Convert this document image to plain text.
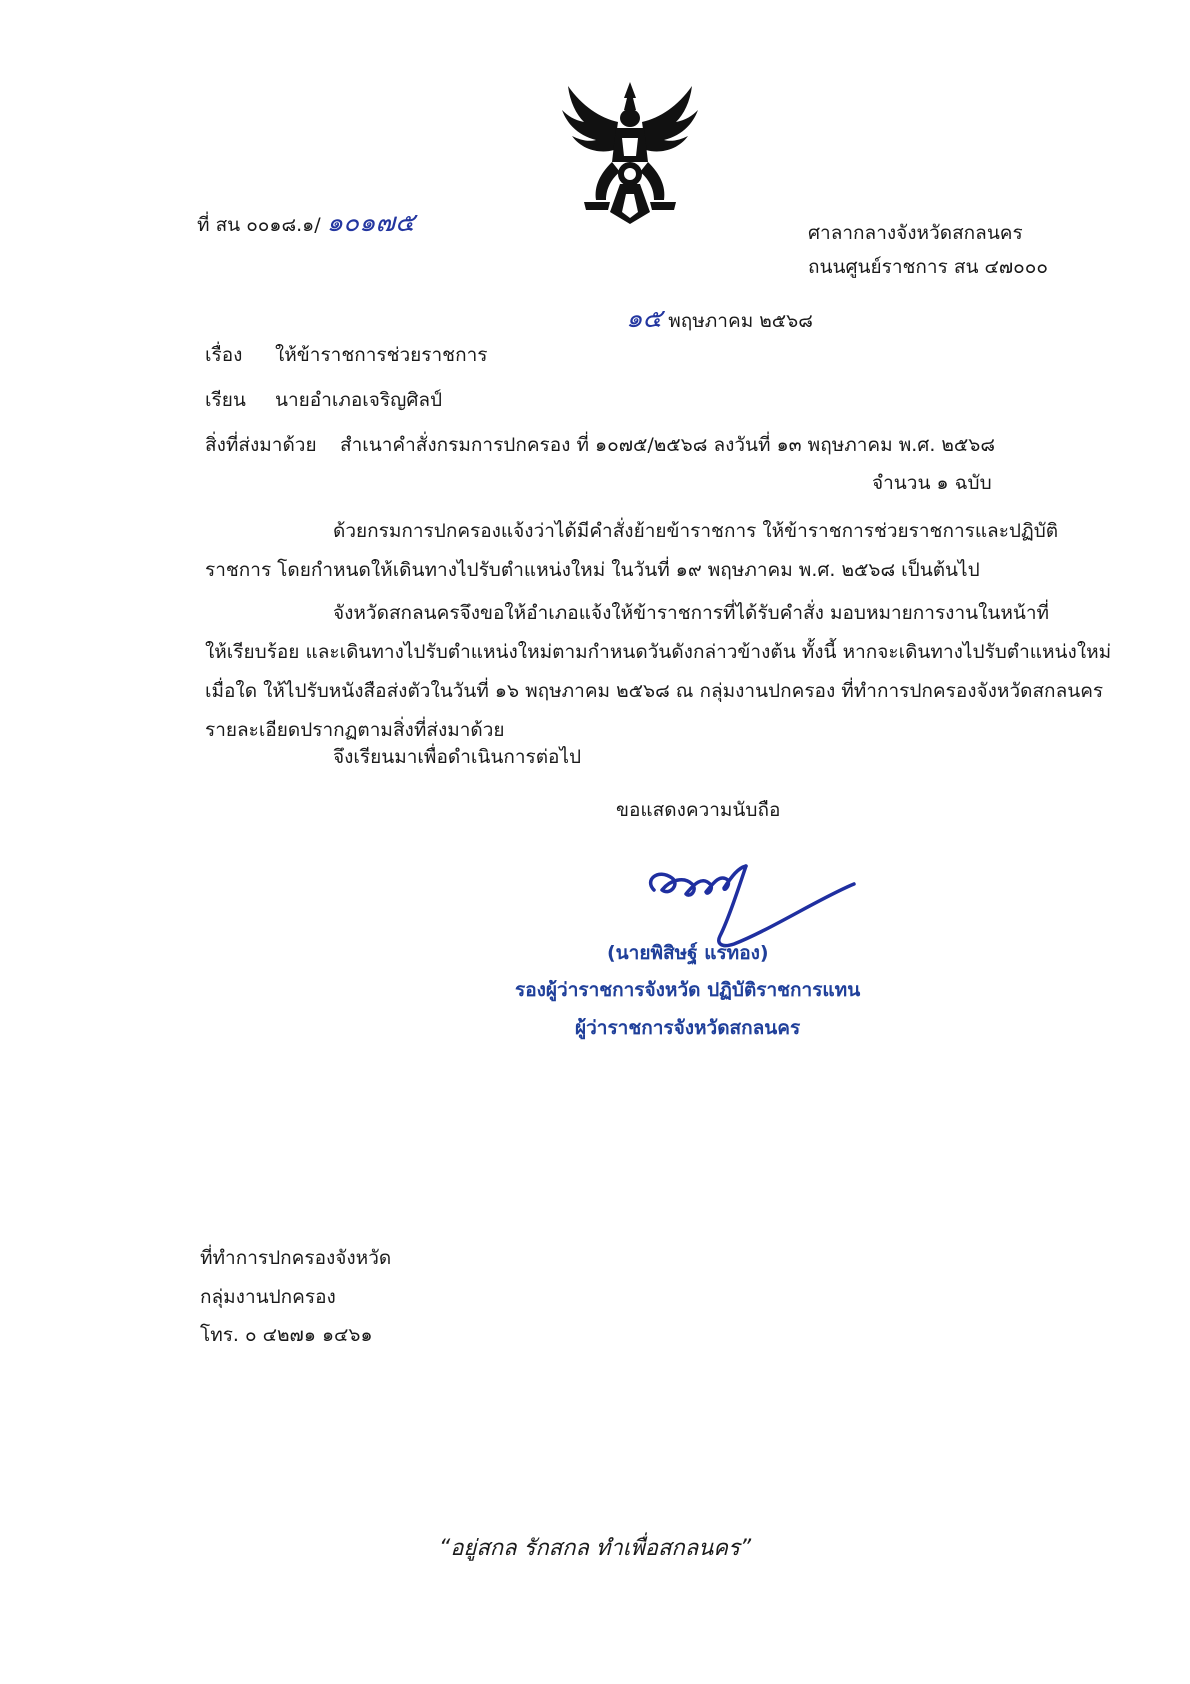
ที่ สน ๐๐๑๘.๑/ ๑๐๑๗๕	ศาลากลางจังหวัดสกลนคร
ถนนศูนย์ราชการ สน ๔๗๐๐๐
๑๕ พฤษภาคม ๒๕๖๘
เรื่อง ให้ข้าราชการช่วยราชการ
เรียน นายอำเภอเจริญศิลป์
สิ่งที่ส่งมาด้วย สำเนาคำสั่งกรมการปกครอง ที่ ๑๐๗๕/๒๕๖๘ ลงวันที่ ๑๓ พฤษภาคม พ.ศ. ๒๕๖๘
จำนวน ๑ ฉบับ
ด้วยกรมการปกครองแจ้งว่าได้มีคำสั่งย้ายข้าราชการ ให้ข้าราชการช่วยราชการและปฏิบัติ
ราชการ โดยกำหนดให้เดินทางไปรับตำแหน่งใหม่ ในวันที่ ๑๙ พฤษภาคม พ.ศ. ๒๕๖๘ เป็นต้นไป
จังหวัดสกลนครจึงขอให้อำเภอแจ้งให้ข้าราชการที่ได้รับคำสั่ง มอบหมายการงานในหน้าที่
ให้เรียบร้อย และเดินทางไปรับตำแหน่งใหม่ตามกำหนดวันดังกล่าวข้างต้น ทั้งนี้ หากจะเดินทางไปรับตำแหน่งใหม่
เมื่อใด ให้ไปรับหนังสือส่งตัวในวันที่ ๑๖ พฤษภาคม ๒๕๖๘ ณ กลุ่มงานปกครอง ที่ทำการปกครองจังหวัดสกลนคร
รายละเอียดปรากฏตามสิ่งที่ส่งมาด้วย
จึงเรียนมาเพื่อดำเนินการต่อไป
ขอแสดงความนับถือ
(นายพิสิษฐ์ แร่ทอง)
รองผู้ว่าราชการจังหวัด ปฏิบัติราชการแทน
ผู้ว่าราชการจังหวัดสกลนคร
ที่ทำการปกครองจังหวัด
กลุ่มงานปกครอง
โทร. ๐ ๔๒๗๑ ๑๔๖๑
“อยู่สกล รักสกล ทำเพื่อสกลนคร”
